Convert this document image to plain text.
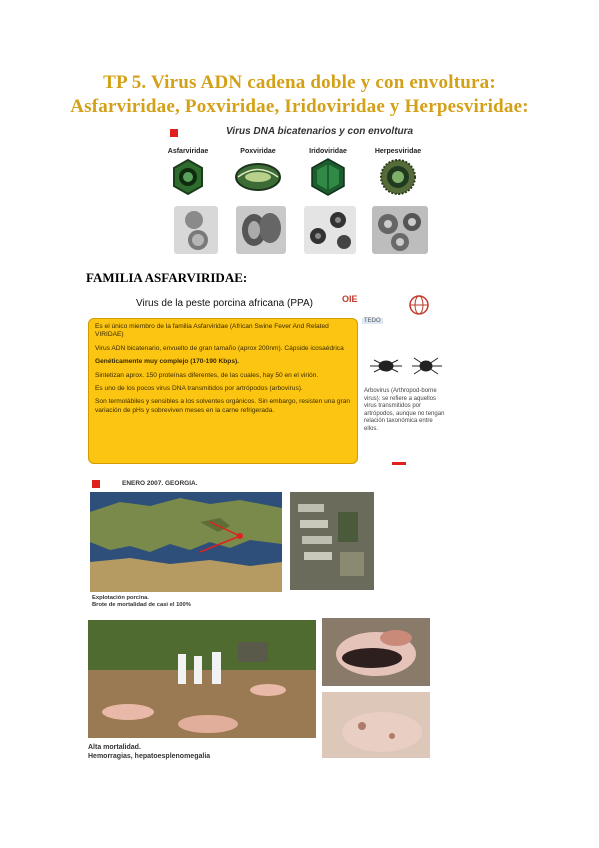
TP 5. Virus ADN cadena doble y con envoltura:
Asfarviridae, Poxviridae, Iridoviridae y Herpesviridae:
Virus DNA bicatenarios y con envoltura
Asfarviridae	Poxviridae	Iridoviridae	Herpesviridae
FAMILIA ASFARVIRIDAE:
Virus de la peste porcina africana (PPA)	OIE
TEDO

Es el único miembro de la familia Asfarviridae (African Swine Fever And Related VIRIDAE)

Virus ADN bicatenario, envuelto de gran tamaño (aprox 200nm). Cápside icosaédrica

Genéticamente muy complejo (170-190 Kbps).

Sintetizan aprox. 150 proteínas diferentes, de las cuales, hay 50 en el virión.

Es uno de los pocos virus DNA transmitidos por artrópodos (arbovirus).

Son termolábiles y sensibles a los solventes orgánicos. Sin embargo, resisten una gran variación de pHs y sobreviven meses en la carne refrigerada.

Arbovirus (Arthropod-borne virus): se refiere a aquellos virus transmitidos por artrópodos, aunque no tengan relación taxonómica entre ellos.
ENERO 2007. GEORGIA.
Explotación porcina.
Brote de mortalidad de casi el 100%
Alta mortalidad.
Hemorragias, hepatoesplenomegalia
